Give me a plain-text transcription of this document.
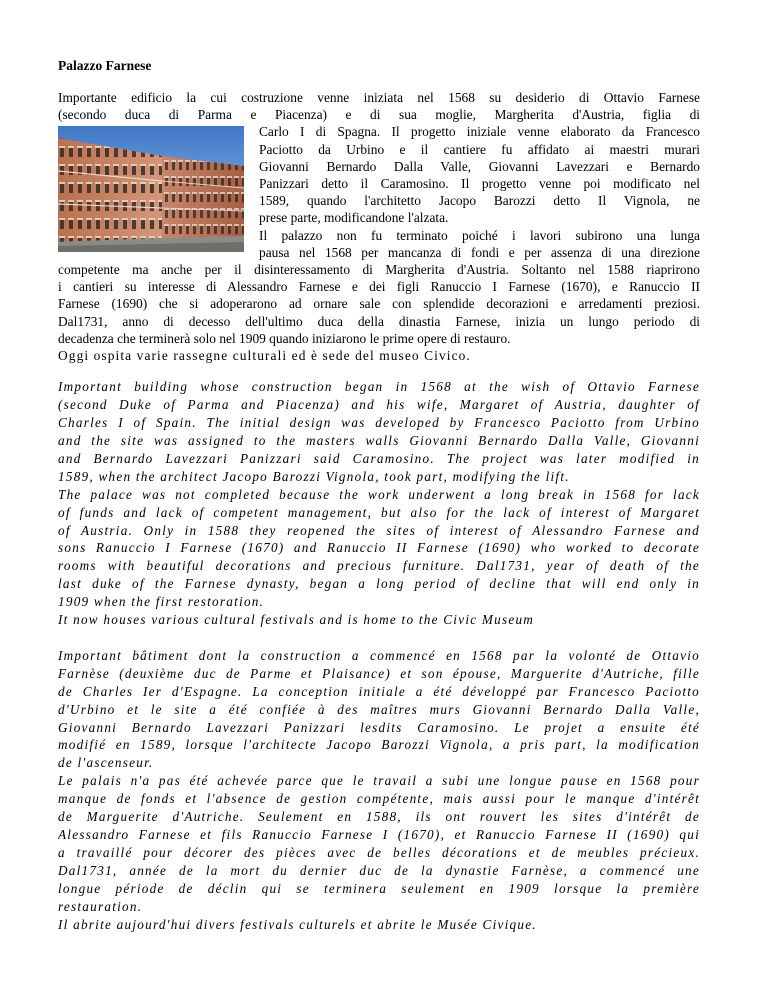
Palazzo Farnese
Importante edificio la cui costruzione venne iniziata nel 1568 su desiderio di Ottavio Farnese
(secondo duca di Parma e Piacenza) e di sua moglie, Margherita d'Austria, figlia di
Carlo I di Spagna. Il progetto iniziale venne elaborato da Francesco
Paciotto da Urbino e il cantiere fu affidato ai maestri murari
Giovanni Bernardo Dalla Valle, Giovanni Lavezzari e Bernardo
Panizzari detto il Caramosino. Il progetto venne poi modificato nel
1589, quando l'architetto Jacopo Barozzi detto Il Vignola, ne
prese parte, modificandone l'alzata.
Il palazzo non fu terminato poiché i lavori subirono una lunga
pausa nel 1568 per mancanza di fondi e per assenza di una direzione
competente ma anche per il disinteressamento di Margherita d'Austria. Soltanto nel 1588 riaprirono
i cantieri su interesse di Alessandro Farnese e dei figli Ranuccio I Farnese (1670), e Ranuccio II
Farnese (1690) che si adoperarono ad ornare sale con splendide decorazioni e arredamenti preziosi.
Dal1731, anno di decesso dell'ultimo duca della dinastia Farnese, inizia un lungo periodo di
decadenza che terminerà solo nel 1909 quando iniziarono le prime opere di restauro.
Oggi ospita varie rassegne culturali ed è sede del museo Civico.
Important building whose construction began in 1568 at the wish of Ottavio Farnese
(second Duke of Parma and Piacenza) and his wife, Margaret of Austria, daughter of
Charles I of Spain. The initial design was developed by Francesco Paciotto from Urbino
and the site was assigned to the masters walls Giovanni Bernardo Dalla Valle, Giovanni
and Bernardo Lavezzari Panizzari said Caramosino. The project was later modified in
1589, when the architect Jacopo Barozzi Vignola, took part, modifying the lift.
The palace was not completed because the work underwent a long break in 1568 for lack
of funds and lack of competent management, but also for the lack of interest of Margaret
of Austria. Only in 1588 they reopened the sites of interest of Alessandro Farnese and
sons Ranuccio I Farnese (1670) and Ranuccio II Farnese (1690) who worked to decorate
rooms with beautiful decorations and precious furniture. Dal1731, year of death of the
last duke of the Farnese dynasty, began a long period of decline that will end only in
1909 when the first restoration.
It now houses various cultural festivals and is home to the Civic Museum
Important bâtiment dont la construction a commencé en 1568 par la volonté de Ottavio
Farnèse (deuxième duc de Parme et Plaisance) et son épouse, Marguerite d'Autriche, fille
de Charles Ier d'Espagne. La conception initiale a été développé par Francesco Paciotto
d'Urbino et le site a été confiée à des maîtres murs Giovanni Bernardo Dalla Valle,
Giovanni Bernardo Lavezzari Panizzari lesdits Caramosino. Le projet a ensuite été
modifié en 1589, lorsque l'architecte Jacopo Barozzi Vignola, a pris part, la modification
de l'ascenseur.
Le palais n'a pas été achevée parce que le travail a subi une longue pause en 1568 pour
manque de fonds et l'absence de gestion compétente, mais aussi pour le manque d'intérêt
de Marguerite d'Autriche. Seulement en 1588, ils ont rouvert les sites d'intérêt de
Alessandro Farnese et fils Ranuccio Farnese I (1670), et Ranuccio Farnese II (1690) qui
a travaillé pour décorer des pièces avec de belles décorations et de meubles précieux.
Dal1731, année de la mort du dernier duc de la dynastie Farnèse, a commencé une
longue période de déclin qui se terminera seulement en 1909 lorsque la première
restauration.
Il abrite aujourd'hui divers festivals culturels et abrite le Musée Civique.
